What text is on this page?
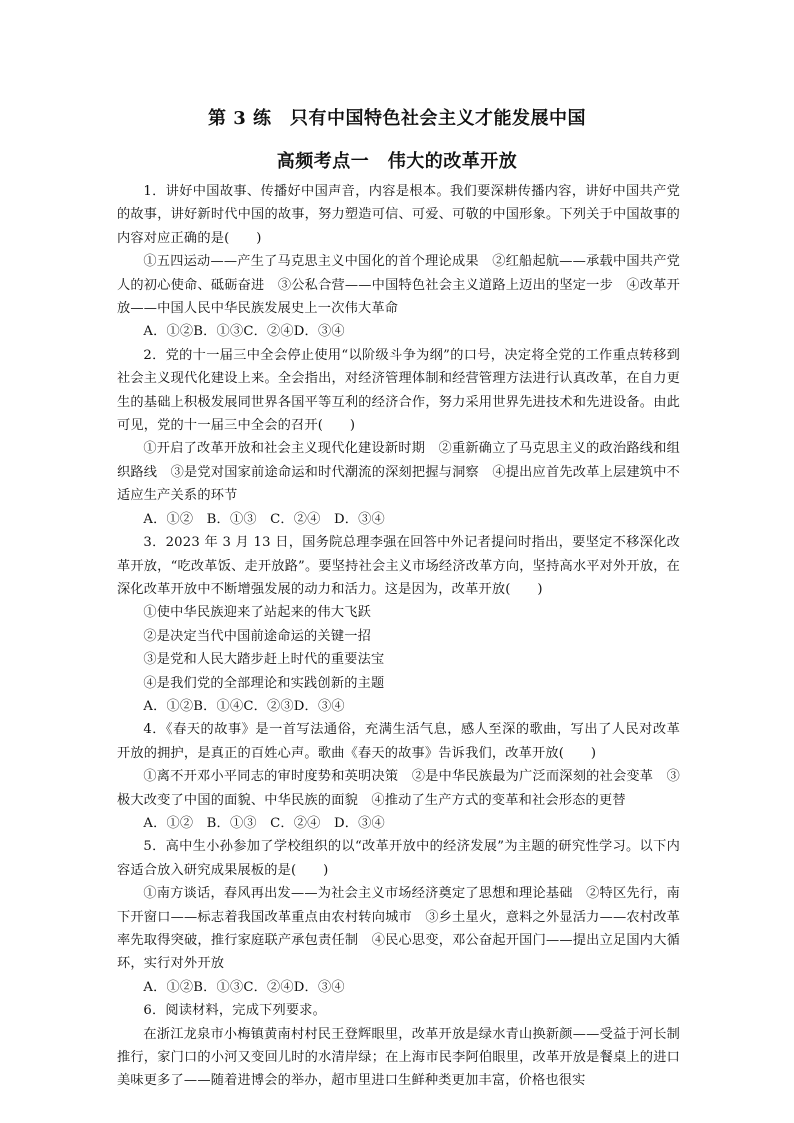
第 3 练　只有中国特色社会主义才能发展中国
高频考点一　伟大的改革开放

1．讲好中国故事、传播好中国声音，内容是根本。我们要深耕传播内容，讲好中国共产党的故事，讲好新时代中国的故事，努力塑造可信、可爱、可敬的中国形象。下列关于中国故事的内容对应正确的是(　　)

①五四运动——产生了马克思主义中国化的首个理论成果　②红船起航——承载中国共产党人的初心使命、砥砺奋进　③公私合营——中国特色社会主义道路上迈出的坚定一步　④改革开放——中国人民中华民族发展史上一次伟大革命

A．①②B．①③C．②④D．③④

2．党的十一届三中全会停止使用“以阶级斗争为纲”的口号，决定将全党的工作重点转移到社会主义现代化建设上来。全会指出，对经济管理体制和经营管理方法进行认真改革，在自力更生的基础上积极发展同世界各国平等互利的经济合作，努力采用世界先进技术和先进设备。由此可见，党的十一届三中全会的召开(　　)

①开启了改革开放和社会主义现代化建设新时期　②重新确立了马克思主义的政治路线和组织路线　③是党对国家前途命运和时代潮流的深刻把握与洞察　④提出应首先改革上层建筑中不适应生产关系的环节

A．①②　B．①③　C．②④　D．③④

3．2023 年 3 月 13 日，国务院总理李强在回答中外记者提问时指出，要坚定不移深化改革开放，“吃改革饭、走开放路”。要坚持社会主义市场经济改革方向，坚持高水平对外开放，在深化改革开放中不断增强发展的动力和活力。这是因为，改革开放(　　)

①使中华民族迎来了站起来的伟大飞跃

②是决定当代中国前途命运的关键一招

③是党和人民大踏步赶上时代的重要法宝

④是我们党的全部理论和实践创新的主题

A．①②B．①④C．②③D．③④

4．《春天的故事》是一首写法通俗，充满生活气息，感人至深的歌曲，写出了人民对改革开放的拥护，是真正的百姓心声。歌曲《春天的故事》告诉我们，改革开放(　　)

①离不开邓小平同志的审时度势和英明决策　②是中华民族最为广泛而深刻的社会变革　③极大改变了中国的面貌、中华民族的面貌　④推动了生产方式的变革和社会形态的更替

A．①②　B．①③　C．②④　D．③④

5．高中生小孙参加了学校组织的以“改革开放中的经济发展”为主题的研究性学习。以下内容适合放入研究成果展板的是(　　)

①南方谈话，春风再出发——为社会主义市场经济奠定了思想和理论基础　②特区先行，南下开窗口——标志着我国改革重点由农村转向城市　③乡土星火，意料之外显活力——农村改革率先取得突破，推行家庭联产承包责任制　④民心思变，邓公奋起开国门——提出立足国内大循环，实行对外开放

A．①②B．①③C．②④D．③④

6．阅读材料，完成下列要求。

在浙江龙泉市小梅镇黄南村村民王登辉眼里，改革开放是绿水青山换新颜——受益于河长制推行，家门口的小河又变回儿时的水清岸绿；在上海市民李阿伯眼里，改革开放是餐桌上的进口美味更多了——随着进博会的举办，超市里进口生鲜种类更加丰富，价格也很实
